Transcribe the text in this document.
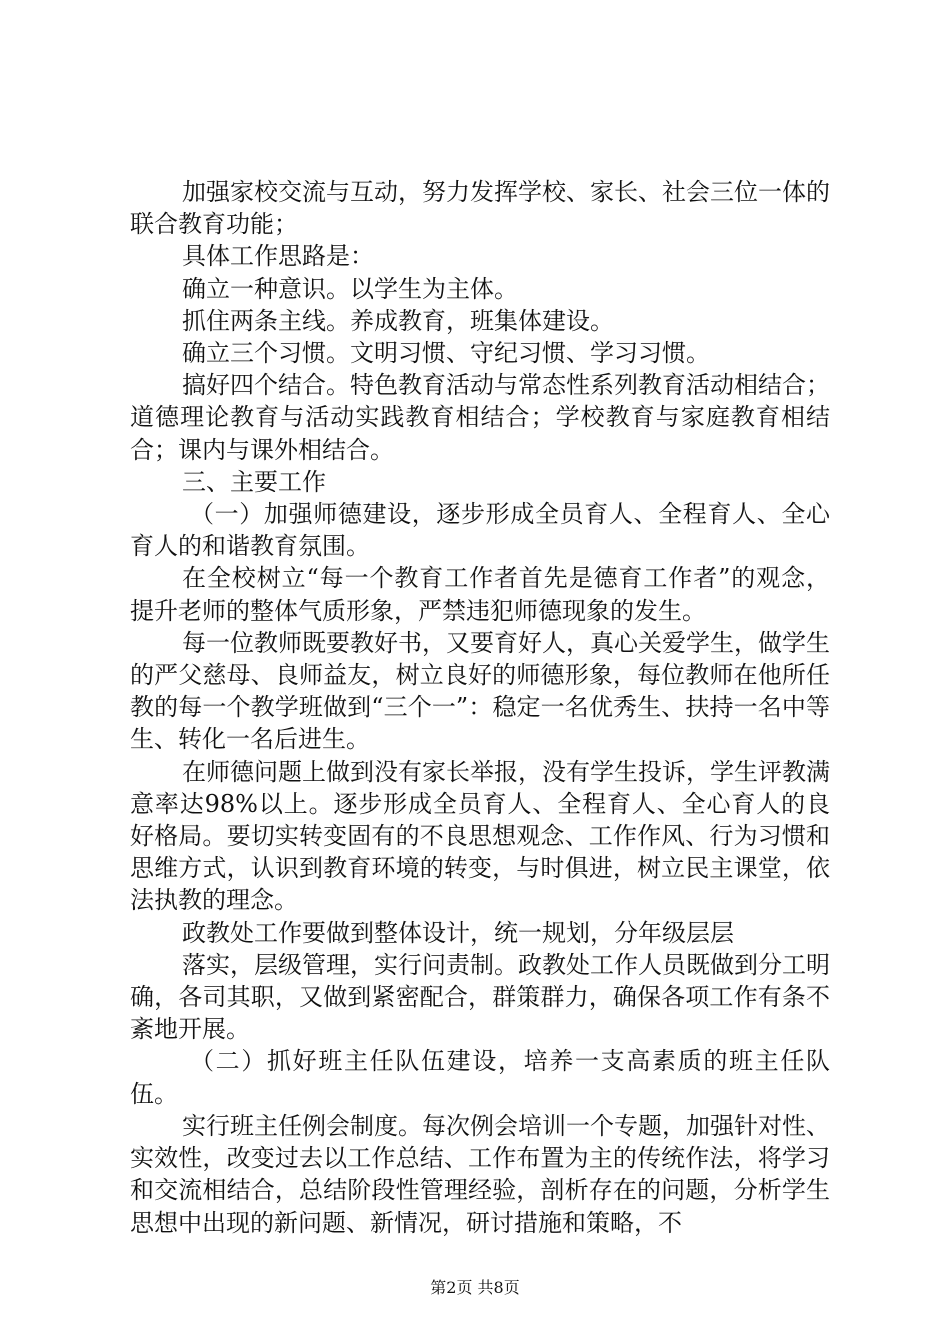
加强家校交流与互动，努力发挥学校、家长、社会三位一体的联合教育功能；

具体工作思路是：

确立一种意识。以学生为主体。

抓住两条主线。养成教育，班集体建设。

确立三个习惯。文明习惯、守纪习惯、学习习惯。

搞好四个结合。特色教育活动与常态性系列教育活动相结合；道德理论教育与活动实践教育相结合；学校教育与家庭教育相结合；课内与课外相结合。

三、主要工作

（一）加强师德建设，逐步形成全员育人、全程育人、全心育人的和谐教育氛围。

在全校树立“每一个教育工作者首先是德育工作者”的观念，提升老师的整体气质形象，严禁违犯师德现象的发生。

每一位教师既要教好书，又要育好人，真心关爱学生，做学生的严父慈母、良师益友，树立良好的师德形象，每位教师在他所任教的每一个教学班做到“三个一”：稳定一名优秀生、扶持一名中等生、转化一名后进生。

在师德问题上做到没有家长举报，没有学生投诉，学生评教满意率达98%以上。逐步形成全员育人、全程育人、全心育人的良好格局。要切实转变固有的不良思想观念、工作作风、行为习惯和思维方式，认识到教育环境的转变，与时俱进，树立民主课堂，依法执教的理念。

政教处工作要做到整体设计，统一规划，分年级层层

落实，层级管理，实行问责制。政教处工作人员既做到分工明确，各司其职，又做到紧密配合，群策群力，确保各项工作有条不紊地开展。

（二）抓好班主任队伍建设，培养一支高素质的班主任队伍。

实行班主任例会制度。每次例会培训一个专题，加强针对性、实效性，改变过去以工作总结、工作布置为主的传统作法，将学习和交流相结合，总结阶段性管理经验，剖析存在的问题，分析学生思想中出现的新问题、新情况，研讨措施和策略，不

第2页 共8页
